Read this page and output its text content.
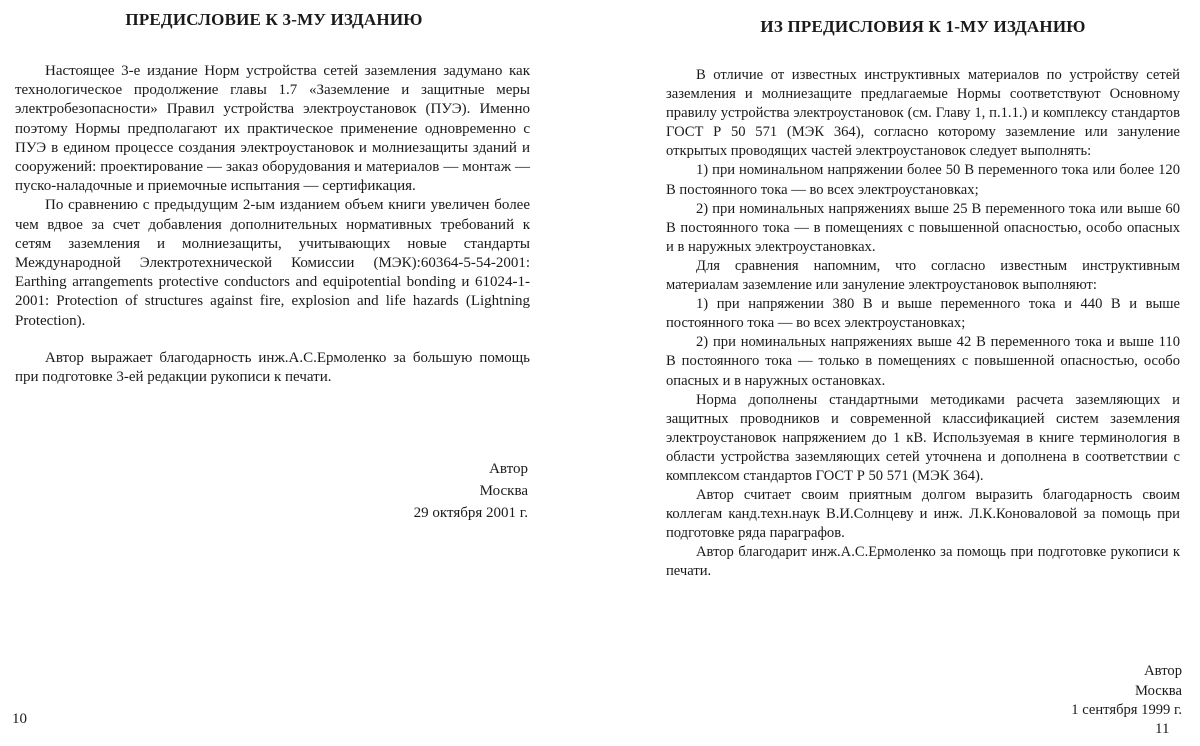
ПРЕДИСЛОВИЕ К 3-МУ ИЗДАНИЮ

Настоящее 3-е издание Норм устройства сетей заземления задумано как технологическое продолжение главы 1.7 «Заземление и защитные меры электробезопасности» Правил устройства электроустановок (ПУЭ). Именно поэтому Нормы предполагают их практическое применение одновременно с ПУЭ в едином процессе создания электроустановок и молниезащиты зданий и сооружений: проектирование — заказ оборудования и материалов — монтаж — пуско-наладочные и приемочные испытания — сертификация.

По сравнению с предыдущим 2-ым изданием объем книги увеличен более чем вдвое за счет добавления дополнительных нормативных требований к сетям заземления и молниезащиты, учитывающих новые стандарты Международной Электротехнической Комиссии (МЭК):60364-5-54-2001: Earthing arrangements protective conductors and equipotential bonding и 61024-1-2001: Protection of structures against fire, explosion and life hazards (Lightning Protection).

Автор выражает благодарность инж.А.С.Ермоленко за большую помощь при подготовке 3-ей редакции рукописи к печати.

Автор
Москва
29 октября 2001 г.
10
ИЗ ПРЕДИСЛОВИЯ К 1-МУ ИЗДАНИЮ

В отличие от известных инструктивных материалов по устройству сетей заземления и молниезащите предлагаемые Нормы соответствуют Основному правилу устройства электроустановок (см. Главу 1, п.1.1.) и комплексу стандартов ГОСТ Р 50 571 (МЭК 364), согласно которому заземление или зануление открытых проводящих частей электроустановок следует выполнять:

1) при номинальном напряжении более 50 В переменного тока или более 120 В постоянного тока — во всех электроустановках;

2) при номинальных напряжениях выше 25 В переменного тока или выше 60 В постоянного тока — в помещениях с повышенной опасностью, особо опасных и в наружных электроустановках.

Для сравнения напомним, что согласно известным инструктивным материалам заземление или зануление электроустановок выполняют:

1) при напряжении 380 В и выше переменного тока и 440 В и выше постоянного тока — во всех электроустановках;

2) при номинальных напряжениях выше 42 В переменного тока и выше 110 В постоянного тока — только в помещениях с повышенной опасностью, особо опасных и в наружных остановках.

Норма дополнены стандартными методиками расчета заземляющих и защитных проводников и современной классификацией систем заземления электроустановок напряжением до 1 кВ. Используемая в книге терминология в области устройства заземляющих сетей уточнена и дополнена в соответствии с комплексом стандартов ГОСТ Р 50 571 (МЭК 364).

Автор считает своим приятным долгом выразить благодарность своим коллегам канд.техн.наук В.И.Солнцеву и инж. Л.К.Коноваловой за помощь при подготовке ряда параграфов.

Автор благодарит инж.А.С.Ермоленко за помощь при подготовке рукописи к печати.

Автор
Москва
1 сентября 1999 г.
11
